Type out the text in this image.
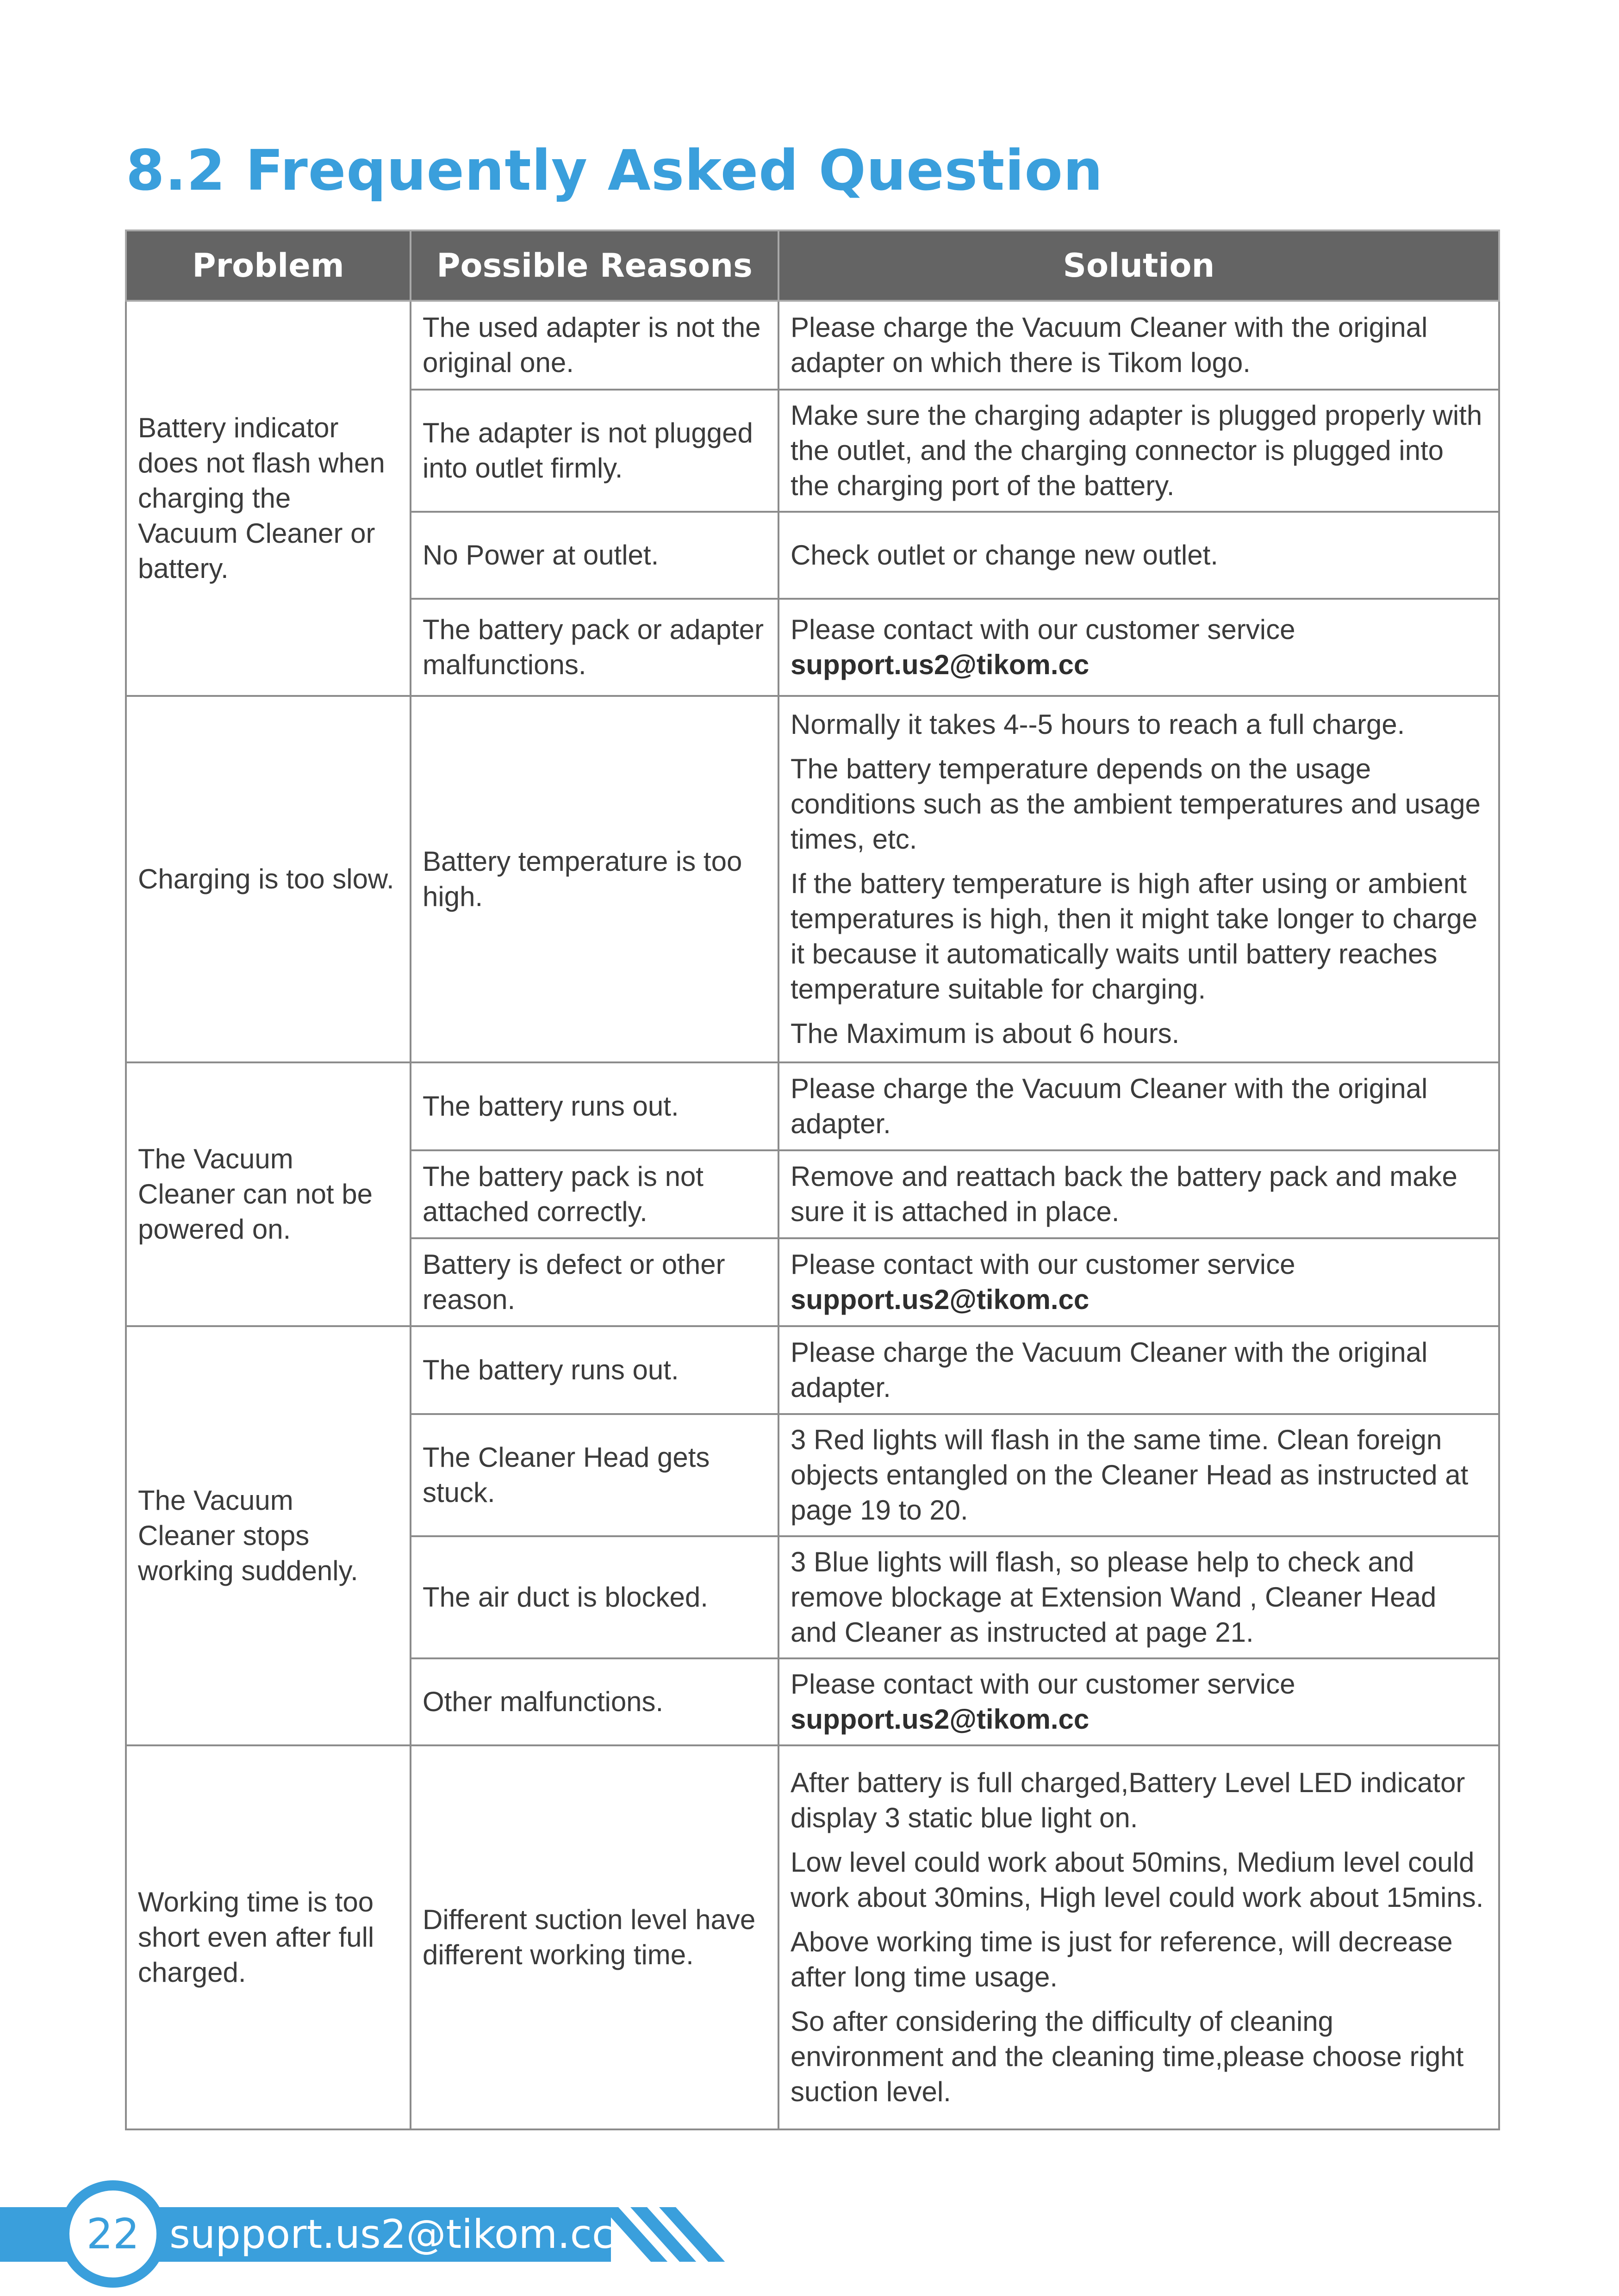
8.2 Frequently Asked Question
Problem	Possible Reasons	Solution
Battery indicator does not flash when charging the Vacuum Cleaner or battery.	The used adapter is not the original one.	Please charge the Vacuum Cleaner with the original adapter on which there is Tikom logo.

	The adapter is not plugged into outlet firmly.	Make sure the charging adapter is plugged properly with the outlet, and the charging connector is plugged into the charging port of the battery.

	No Power at outlet.	Check outlet or change new outlet.

	The battery pack or adapter malfunctions.	Please contact with our customer service
support.us2@tikom.cc

Charging is too slow.	Battery temperature is too high.	Normally it takes 4--5 hours to reach a full charge.
The battery temperature depends on the usage conditions such as the ambient temperatures and usage times, etc.
If the battery temperature is high after using or ambient temperatures is high, then it might take longer to charge it because it automatically waits until battery reaches temperature suitable for charging.
The Maximum is about 6 hours.

The Vacuum Cleaner can not be powered on.	The battery runs out.	Please charge the Vacuum Cleaner with the original adapter.

	The battery pack is not attached correctly.	Remove and reattach back the battery pack and make sure it is attached in place.

	Battery is defect or other reason.	Please contact with our customer service
support.us2@tikom.cc

The Vacuum Cleaner stops working suddenly.	The battery runs out.	Please charge the Vacuum Cleaner with the original adapter.

	The Cleaner Head gets stuck.	3 Red lights will flash in the same time. Clean foreign objects entangled on the Cleaner Head as instructed at page 19 to 20.

	The air duct is blocked.	3 Blue lights will flash, so please help to check and remove blockage at Extension Wand , Cleaner Head and Cleaner as instructed at page 21.

	Other malfunctions.	Please contact with our customer service
support.us2@tikom.cc

Working time is too short even after full charged.	Different suction level have different working time.	After battery is full charged,Battery Level LED indicator display 3 static blue light on.
Low level could work about 50mins, Medium level could work about 30mins, High level could work about 15mins.
Above working time is just for reference, will decrease after long time usage.
So after considering the difficulty of cleaning environment and the cleaning time,please choose right suction level.
22 support.us2@tikom.cc
